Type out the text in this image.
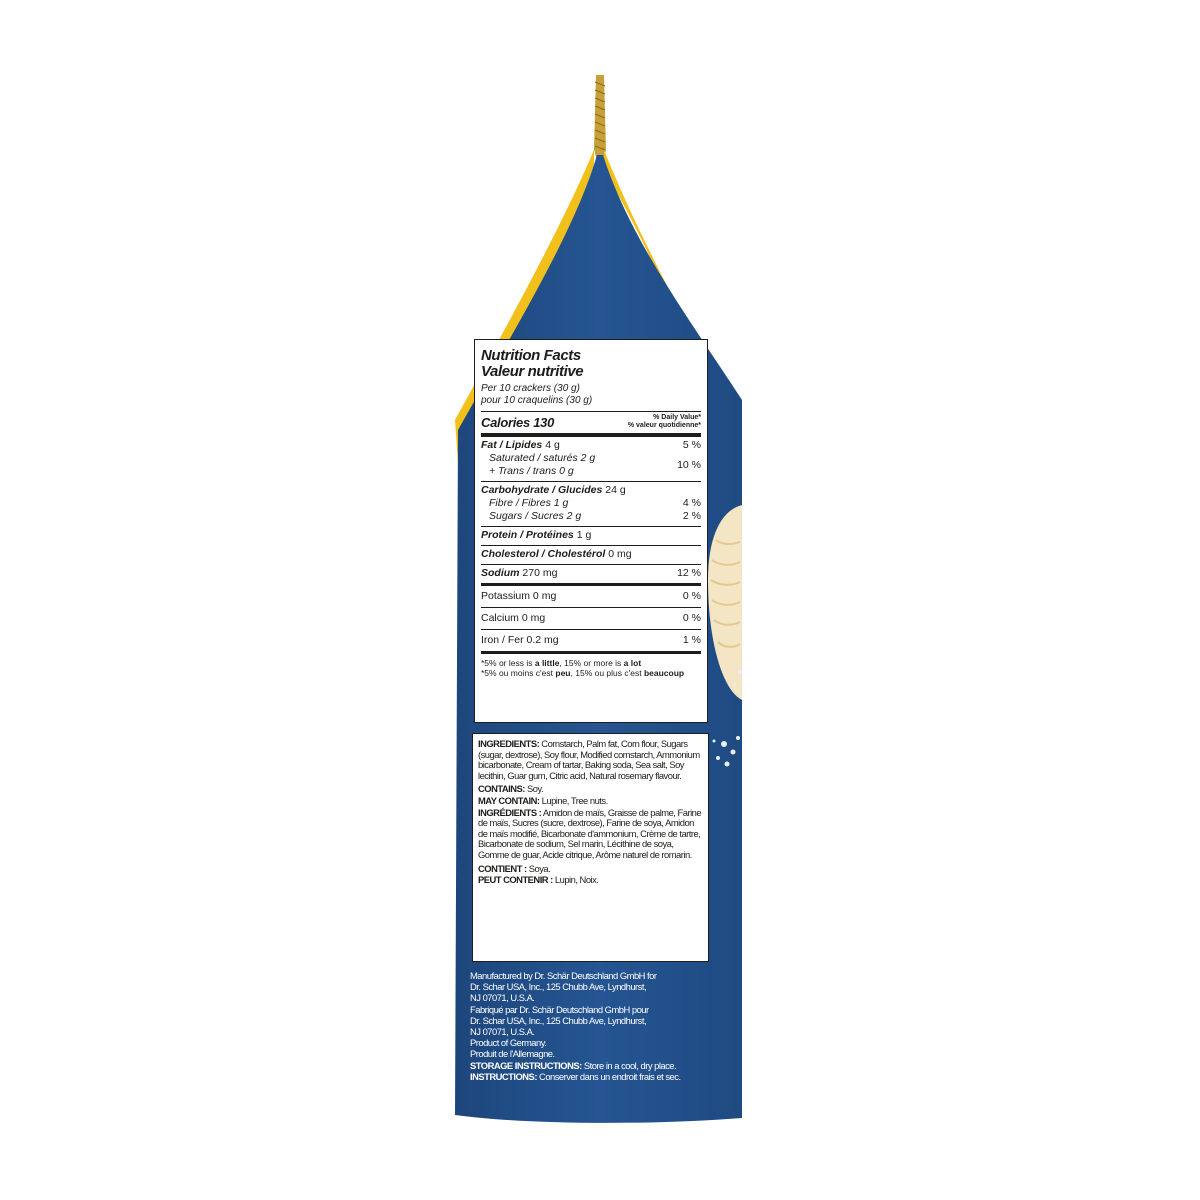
Nutrition Facts
Valeur nutritive
Per 10 crackers (30 g)
pour 10 craquelins (30 g)
Calories 130	% Daily Value*
% valeur quotidienne*
Fat / Lipides 4 g	5 %
Saturated / saturés 2 g
+ Trans / trans 0 g	10 %
Carbohydrate / Glucides 24 g
Fibre / Fibres 1 g	4 %
Sugars / Sucres 2 g	2 %
Protein / Protéines 1 g
Cholesterol / Cholestérol 0 mg
Sodium 270 mg	12 %
Potassium 0 mg	0 %
Calcium 0 mg	0 %
Iron / Fer 0.2 mg	1 %
*5% or less is a little, 15% or more is a lot
*5% ou moins c'est peu, 15% ou plus c'est beaucoup

INGREDIENTS: Cornstarch, Palm fat, Corn flour, Sugars (sugar, dextrose), Soy flour, Modified cornstarch, Ammonium bicarbonate, Cream of tartar, Baking soda, Sea salt, Soy lecithin, Guar gum, Citric acid, Natural rosemary flavour.

CONTAINS: Soy.

MAY CONTAIN: Lupine, Tree nuts.

INGRÉDIENTS : Amidon de maïs, Graisse de palme, Farine de maïs, Sucres (sucre, dextrose), Farine de soya, Amidon de maïs modifié, Bicarbonate d'ammonium, Crème de tartre, Bicarbonate de sodium, Sel marin, Lécithine de soya, Gomme de guar, Acide citrique, Arôme naturel de romarin.

CONTIENT : Soya.

PEUT CONTENIR : Lupin, Noix.

Manufactured by Dr. Schär Deutschland GmbH for
Dr. Schar USA, Inc., 125 Chubb Ave, Lyndhurst,
NJ 07071, U.S.A.
Fabriqué par Dr. Schär Deutschland GmbH pour
Dr. Schar USA, Inc., 125 Chubb Ave, Lyndhurst,
NJ 07071, U.S.A.
Product of Germany.
Produit de l'Allemagne.
STORAGE INSTRUCTIONS: Store in a cool, dry place.
INSTRUCTIONS: Conserver dans un endroit frais et sec.
